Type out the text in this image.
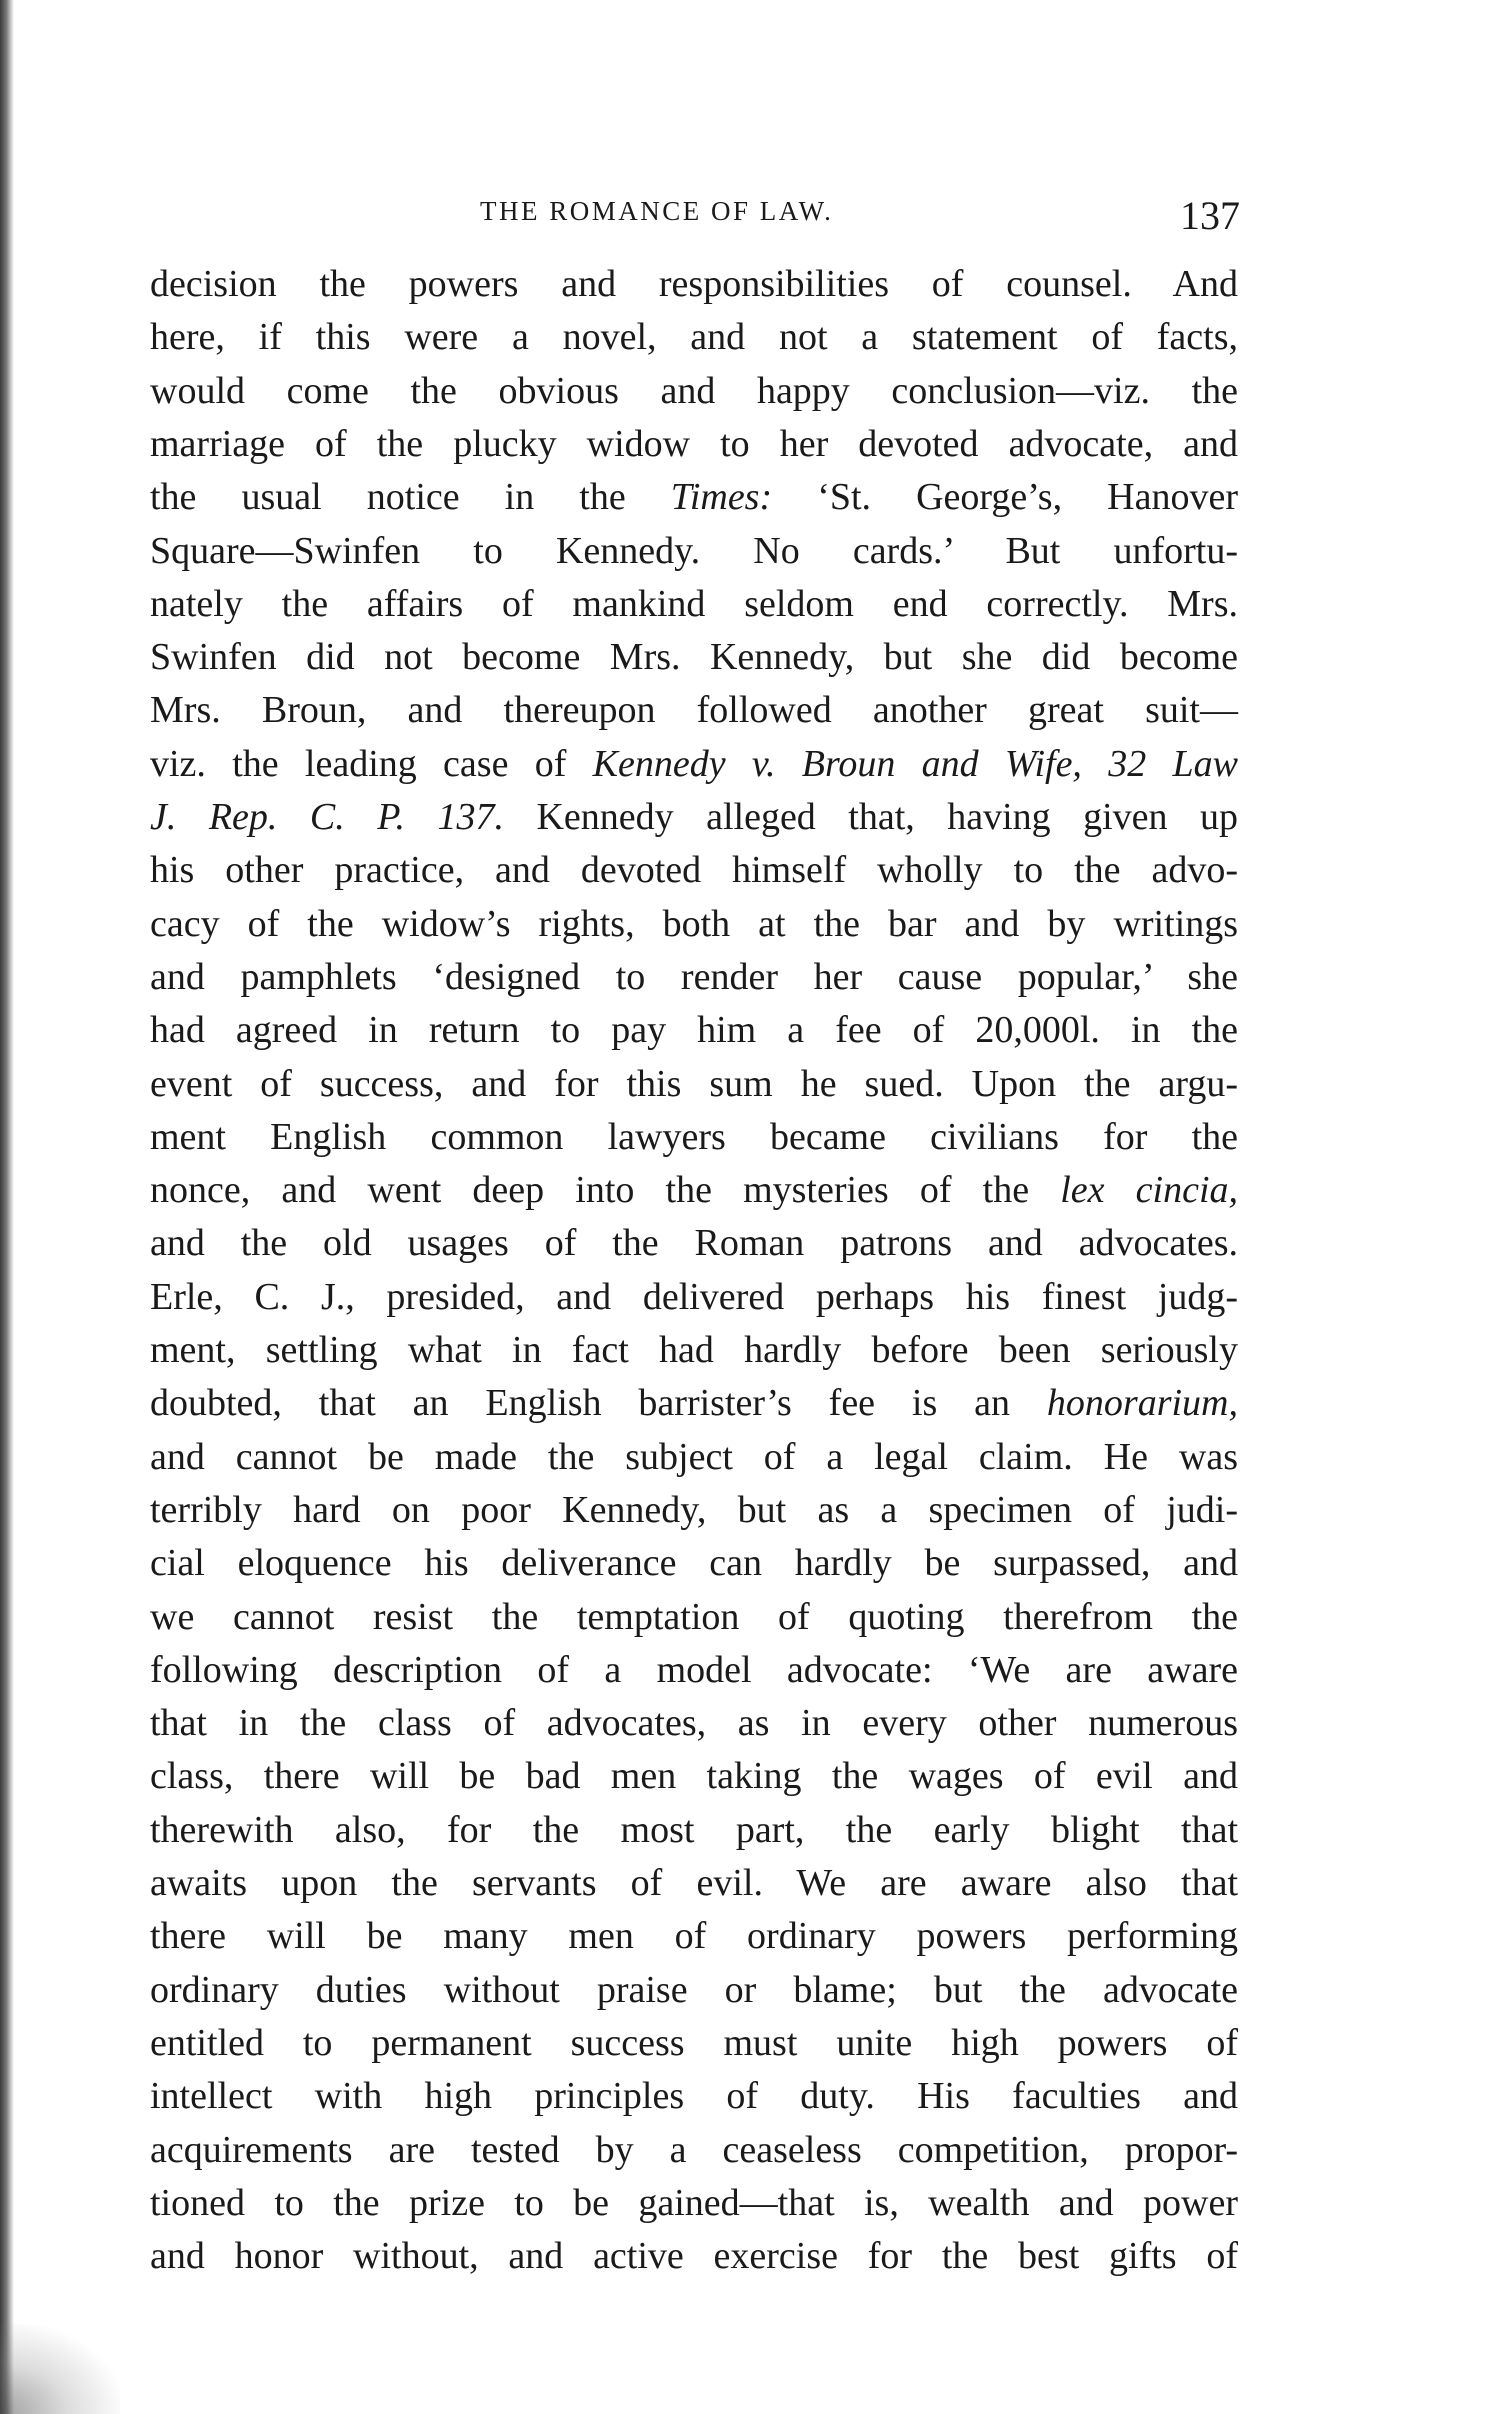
THE ROMANCE OF LAW.	137
decision the powers and responsibilities of counsel. And
here, if this were a novel, and not a statement of facts,
would come the obvious and happy conclusion—viz. the
marriage of the plucky widow to her devoted advocate, and
the usual notice in the Times: ‘St. George’s, Hanover
Square—Swinfen to Kennedy. No cards.’ But unfortu-
nately the affairs of mankind seldom end correctly. Mrs.
Swinfen did not become Mrs. Kennedy, but she did become
Mrs. Broun, and thereupon followed another great suit—
viz. the leading case of Kennedy v. Broun and Wife, 32 Law
J. Rep. C. P. 137. Kennedy alleged that, having given up
his other practice, and devoted himself wholly to the advo-
cacy of the widow’s rights, both at the bar and by writings
and pamphlets ‘designed to render her cause popular,’ she
had agreed in return to pay him a fee of 20,000l. in the
event of success, and for this sum he sued. Upon the argu-
ment English common lawyers became civilians for the
nonce, and went deep into the mysteries of the lex cincia,
and the old usages of the Roman patrons and advocates.
Erle, C. J., presided, and delivered perhaps his finest judg-
ment, settling what in fact had hardly before been seriously
doubted, that an English barrister’s fee is an honorarium,
and cannot be made the subject of a legal claim. He was
terribly hard on poor Kennedy, but as a specimen of judi-
cial eloquence his deliverance can hardly be surpassed, and
we cannot resist the temptation of quoting therefrom the
following description of a model advocate: ‘We are aware
that in the class of advocates, as in every other numerous
class, there will be bad men taking the wages of evil and
therewith also, for the most part, the early blight that
awaits upon the servants of evil. We are aware also that
there will be many men of ordinary powers performing
ordinary duties without praise or blame; but the advocate
entitled to permanent success must unite high powers of
intellect with high principles of duty. His faculties and
acquirements are tested by a ceaseless competition, propor-
tioned to the prize to be gained—that is, wealth and power
and honor without, and active exercise for the best gifts of
